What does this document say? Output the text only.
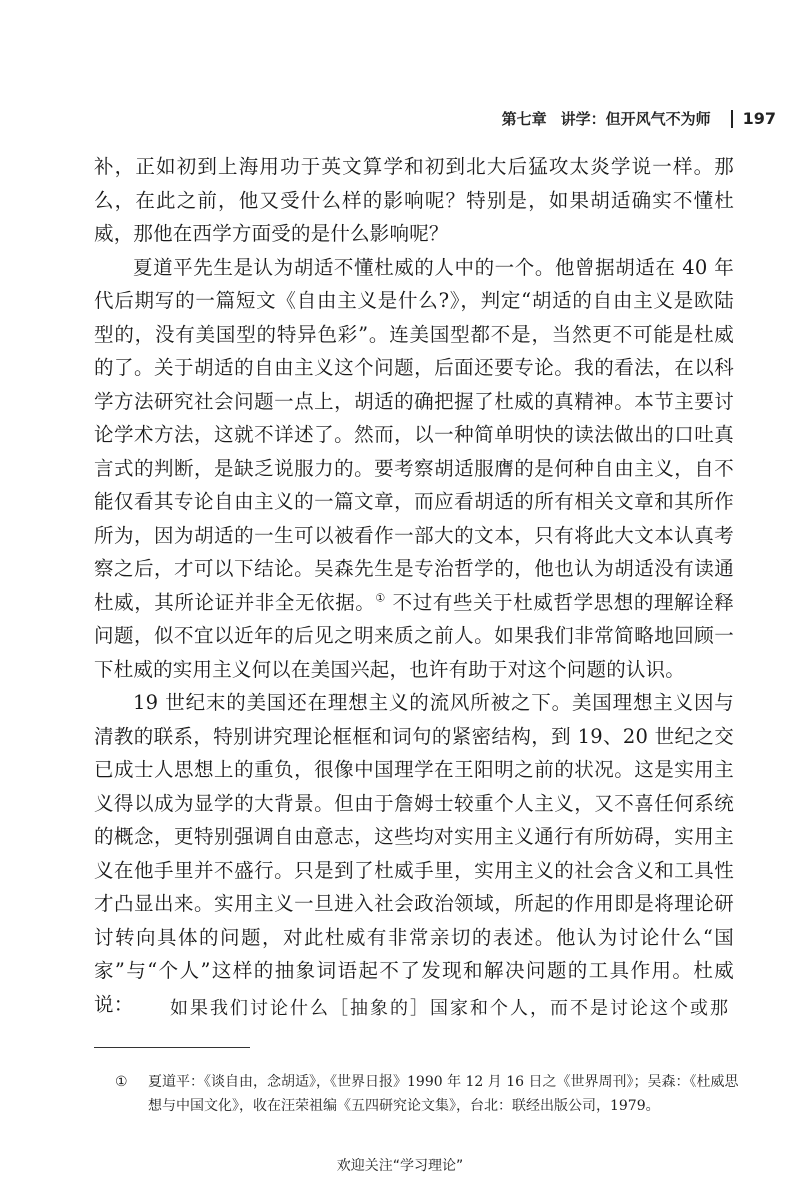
第七章 讲学：但开风气不为师 197

补，正如初到上海用功于英文算学和初到北大后猛攻太炎学说一样。那么，在此之前，他又受什么样的影响呢？特别是，如果胡适确实不懂杜威，那他在西学方面受的是什么影响呢？

夏道平先生是认为胡适不懂杜威的人中的一个。他曾据胡适在 40 年代后期写的一篇短文《自由主义是什么?》，判定“胡适的自由主义是欧陆型的，没有美国型的特异色彩”。连美国型都不是，当然更不可能是杜威的了。关于胡适的自由主义这个问题，后面还要专论。我的看法，在以科学方法研究社会问题一点上，胡适的确把握了杜威的真精神。本节主要讨论学术方法，这就不详述了。然而，以一种简单明快的读法做出的口吐真言式的判断，是缺乏说服力的。要考察胡适服膺的是何种自由主义，自不能仅看其专论自由主义的一篇文章，而应看胡适的所有相关文章和其所作所为，因为胡适的一生可以被看作一部大的文本，只有将此大文本认真考察之后，才可以下结论。吴森先生是专治哲学的，他也认为胡适没有读通杜威，其所论证并非全无依据。① 不过有些关于杜威哲学思想的理解诠释问题，似不宜以近年的后见之明来质之前人。如果我们非常简略地回顾一下杜威的实用主义何以在美国兴起，也许有助于对这个问题的认识。

19 世纪末的美国还在理想主义的流风所被之下。美国理想主义因与清教的联系，特别讲究理论框框和词句的紧密结构，到 19、20 世纪之交已成士人思想上的重负，很像中国理学在王阳明之前的状况。这是实用主义得以成为显学的大背景。但由于詹姆士较重个人主义，又不喜任何系统的概念，更特别强调自由意志，这些均对实用主义通行有所妨碍，实用主义在他手里并不盛行。只是到了杜威手里，实用主义的社会含义和工具性才凸显出来。实用主义一旦进入社会政治领域，所起的作用即是将理论研讨转向具体的问题，对此杜威有非常亲切的表述。他认为讨论什么“国家”与“个人”这样的抽象词语起不了发现和解决问题的工具作用。杜威说：	如果我们讨论什么［抽象的］国家和个人，而不是讨论这个或那
① 夏道平：《谈自由，念胡适》，《世界日报》1990 年 12 月 16 日之《世界周刊》；吴森：《杜威思想与中国文化》，收在汪荣祖编《五四研究论文集》，台北：联经出版公司，1979。
欢迎关注“学习理论”
